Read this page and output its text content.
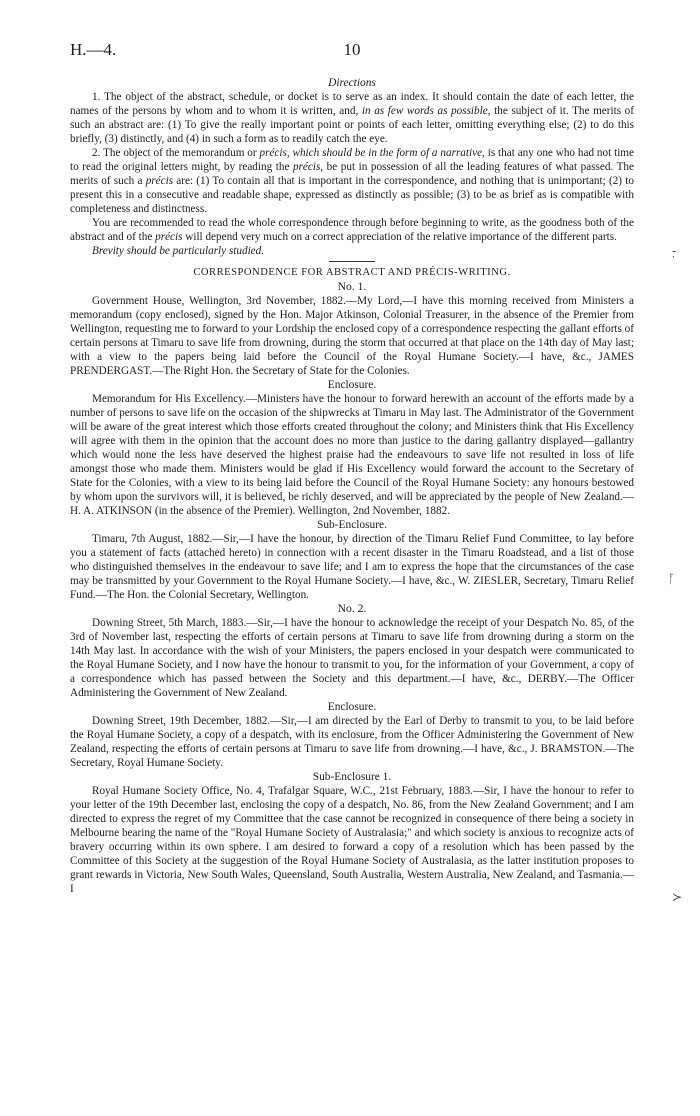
H.—4.	10
Directions

1. The object of the abstract, schedule, or docket is to serve as an index. It should contain the date of each letter, the names of the persons by whom and to whom it is written, and, in as few words as possible, the subject of it. The merits of such an abstract are: (1) To give the really important point or points of each letter, omitting everything else; (2) to do this briefly, (3) distinctly, and (4) in such a form as to readily catch the eye.

2. The object of the memorandum or précis, which should be in the form of a narrative, is that any one who had not time to read the original letters might, by reading the précis, be put in possession of all the leading features of what passed. The merits of such a précis are: (1) To contain all that is important in the correspondence, and nothing that is unimportant; (2) to present this in a consecutive and readable shape, expressed as distinctly as possible; (3) to be as brief as is compatible with completeness and distinctness.

You are recommended to read the whole correspondence through before beginning to write, as the goodness both of the abstract and of the précis will depend very much on a correct appreciation of the relative importance of the different parts.

Brevity should be particularly studied.

CORRESPONDENCE FOR ABSTRACT AND PRÉCIS-WRITING.
No. 1.

Government House, Wellington, 3rd November, 1882.—My Lord,—I have this morning received from Ministers a memorandum (copy enclosed), signed by the Hon. Major Atkinson, Colonial Treasurer, in the absence of the Premier from Wellington, requesting me to forward to your Lordship the enclosed copy of a correspondence respecting the gallant efforts of certain persons at Timaru to save life from drowning, during the storm that occurred at that place on the 14th day of May last; with a view to the papers being laid before the Council of the Royal Humane Society.—I have, &c., JAMES PRENDERGAST.—The Right Hon. the Secretary of State for the Colonies.

Enclosure.

Memorandum for His Excellency.—Ministers have the honour to forward herewith an account of the efforts made by a number of persons to save life on the occasion of the shipwrecks at Timaru in May last. The Administrator of the Government will be aware of the great interest which those efforts created throughout the colony; and Ministers think that His Excellency will agree with them in the opinion that the account does no more than justice to the daring gallantry displayed—gallantry which would none the less have deserved the highest praise had the endeavours to save life not resulted in loss of life amongst those who made them. Ministers would be glad if His Excellency would forward the account to the Secretary of State for the Colonies, with a view to its being laid before the Council of the Royal Humane Society: any honours bestowed by whom upon the survivors will, it is believed, be richly deserved, and will be appreciated by the people of New Zealand.—H. A. ATKINSON (in the absence of the Premier). Wellington, 2nd November, 1882.

Sub-Enclosure.

Timaru, 7th August, 1882.—Sir,—I have the honour, by direction of the Timaru Relief Fund Committee, to lay before you a statement of facts (attached hereto) in connection with a recent disaster in the Timaru Roadstead, and a list of those who distinguished themselves in the endeavour to save life; and I am to express the hope that the circumstances of the case may be transmitted by your Government to the Royal Humane Society.—I have, &c., W. ZIESLER, Secretary, Timaru Relief Fund.—The Hon. the Colonial Secretary, Wellington.

No. 2.

Downing Street, 5th March, 1883.—Sir,—I have the honour to acknowledge the receipt of your Despatch No. 85, of the 3rd of November last, respecting the efforts of certain persons at Timaru to save life from drowning during a storm on the 14th May last. In accordance with the wish of your Ministers, the papers enclosed in your despatch were communicated to the Royal Humane Society, and I now have the honour to transmit to you, for the information of your Government, a copy of a correspondence which has passed between the Society and this department.—I have, &c., DERBY.—The Officer Administering the Government of New Zealand.

Enclosure.

Downing Street, 19th December, 1882.—Sir,—I am directed by the Earl of Derby to transmit to you, to be laid before the Royal Humane Society, a copy of a despatch, with its enclosure, from the Officer Administering the Government of New Zealand, respecting the efforts of certain persons at Timaru to save life from drowning.—I have, &c., J. BRAMSTON.—The Secretary, Royal Humane Society.

Sub-Enclosure 1.

Royal Humane Society Office, No. 4, Trafalgar Square, W.C., 21st February, 1883.—Sir, I have the honour to refer to your letter of the 19th December last, enclosing the copy of a despatch, No. 86, from the New Zealand Government; and I am directed to express the regret of my Committee that the case cannot be recognized in consequence of there being a society in Melbourne bearing the name of the "Royal Humane Society of Australasia;" and which society is anxious to recognize acts of bravery occurring within its own sphere. I am desired to forward a copy of a resolution which has been passed by the Committee of this Society at the suggestion of the Royal Humane Society of Australasia, as the latter institution proposes to grant rewards in Victoria, New South Wales, Queensland, South Australia, Western Australia, New Zealand, and Tasmania.—I

-̣
ᚪ
≻
